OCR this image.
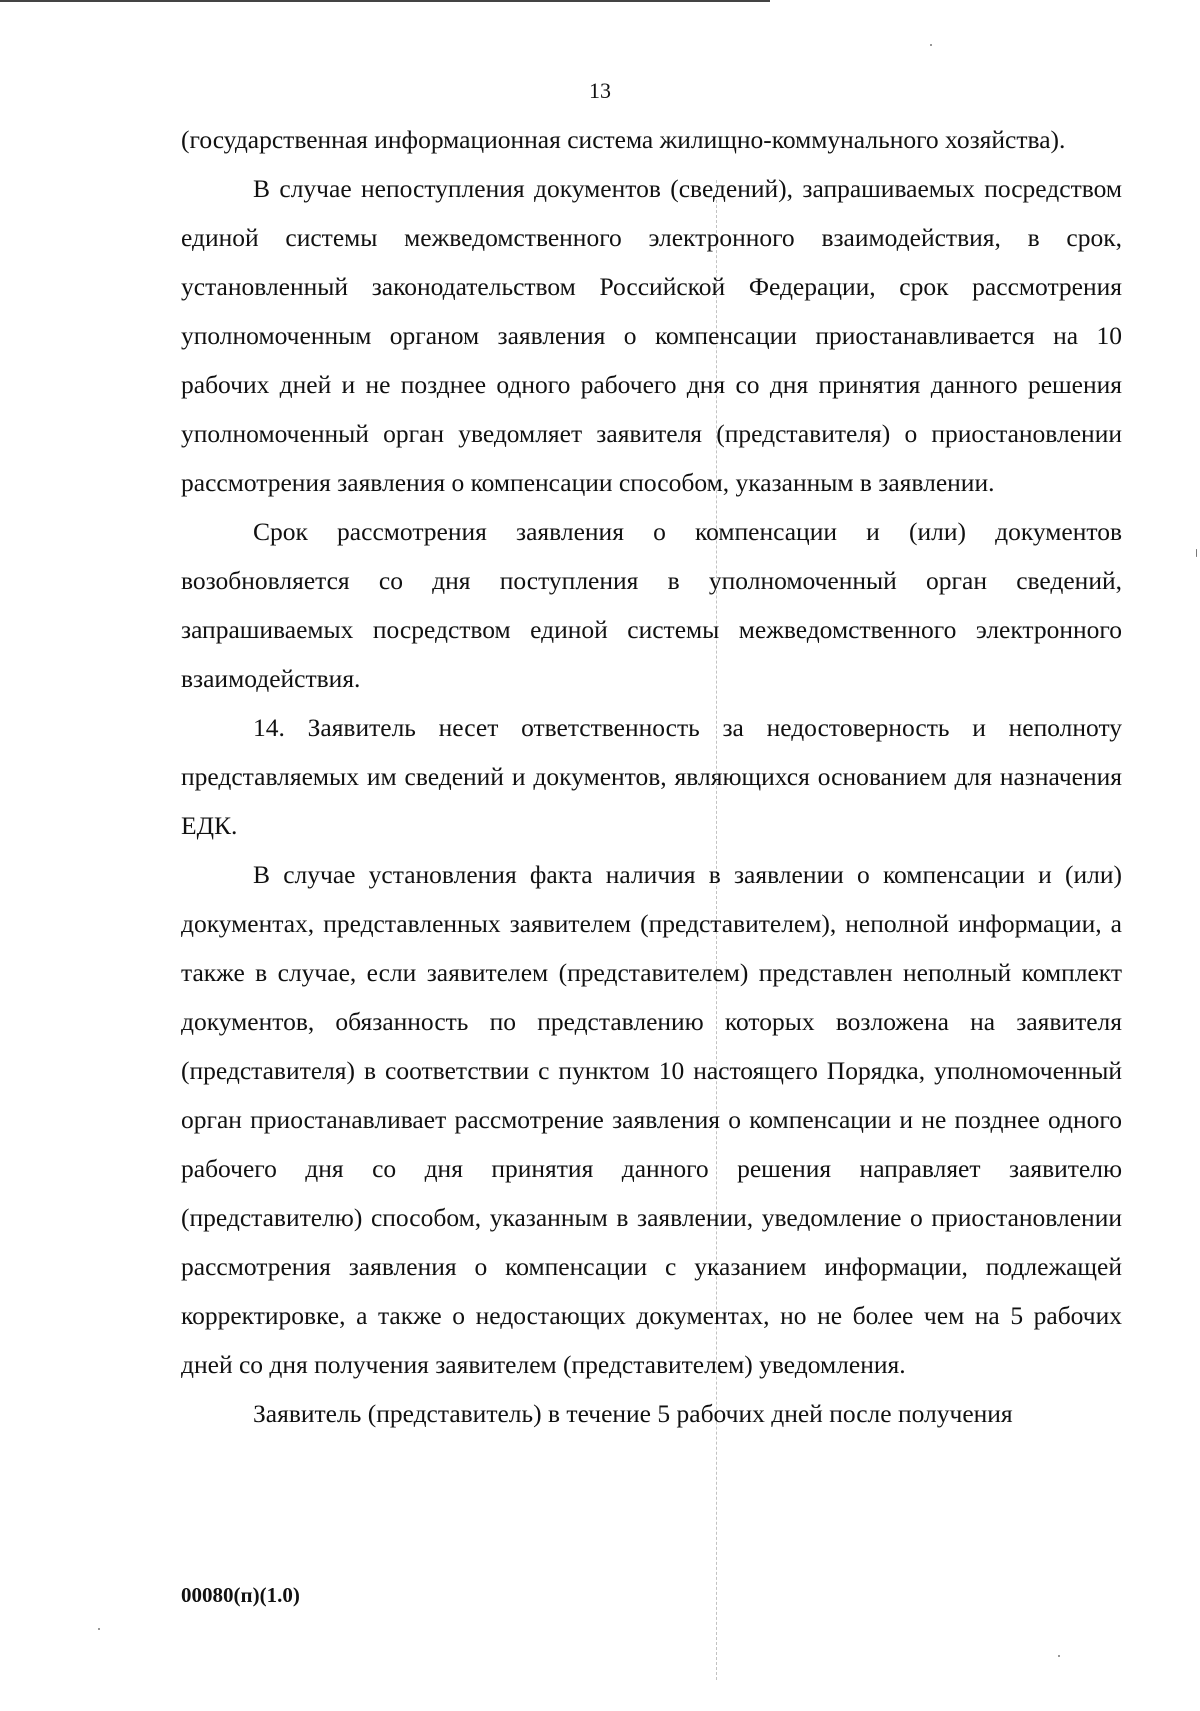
13

(государственная информационная система жилищно-коммунального хозяйства).

В случае непоступления документов (сведений), запрашиваемых посредством единой системы межведомственного электронного взаимодействия, в срок, установленный законодательством Российской Федерации, срок рассмотрения уполномоченным органом заявления о компенсации приостанавливается на 10 рабочих дней и не позднее одного рабочего дня со дня принятия данного решения уполномоченный орган уведомляет заявителя (представителя) о приостановлении рассмотрения заявления о компенсации способом, указанным в заявлении.

Срок рассмотрения заявления о компенсации и (или) документов возобновляется со дня поступления в уполномоченный орган сведений, запрашиваемых посредством единой системы межведомственного электронного взаимодействия.

14. Заявитель несет ответственность за недостоверность и неполноту представляемых им сведений и документов, являющихся основанием для назначения ЕДК.

В случае установления факта наличия в заявлении о компенсации и (или) документах, представленных заявителем (представителем), неполной информации, а также в случае, если заявителем (представителем) представлен неполный комплект документов, обязанность по представлению которых возложена на заявителя (представителя) в соответствии с пунктом 10 настоящего Порядка, уполномоченный орган приостанавливает рассмотрение заявления о компенсации и не позднее одного рабочего дня со дня принятия данного решения направляет заявителю (представителю) способом, указанным в заявлении, уведомление о приостановлении рассмотрения заявления о компенсации с указанием информации, подлежащей корректировке, а также о недостающих документах, но не более чем на 5 рабочих дней со дня получения заявителем (представителем) уведомления.

Заявитель (представитель) в течение 5 рабочих дней после получения

00080(п)(1.0)
